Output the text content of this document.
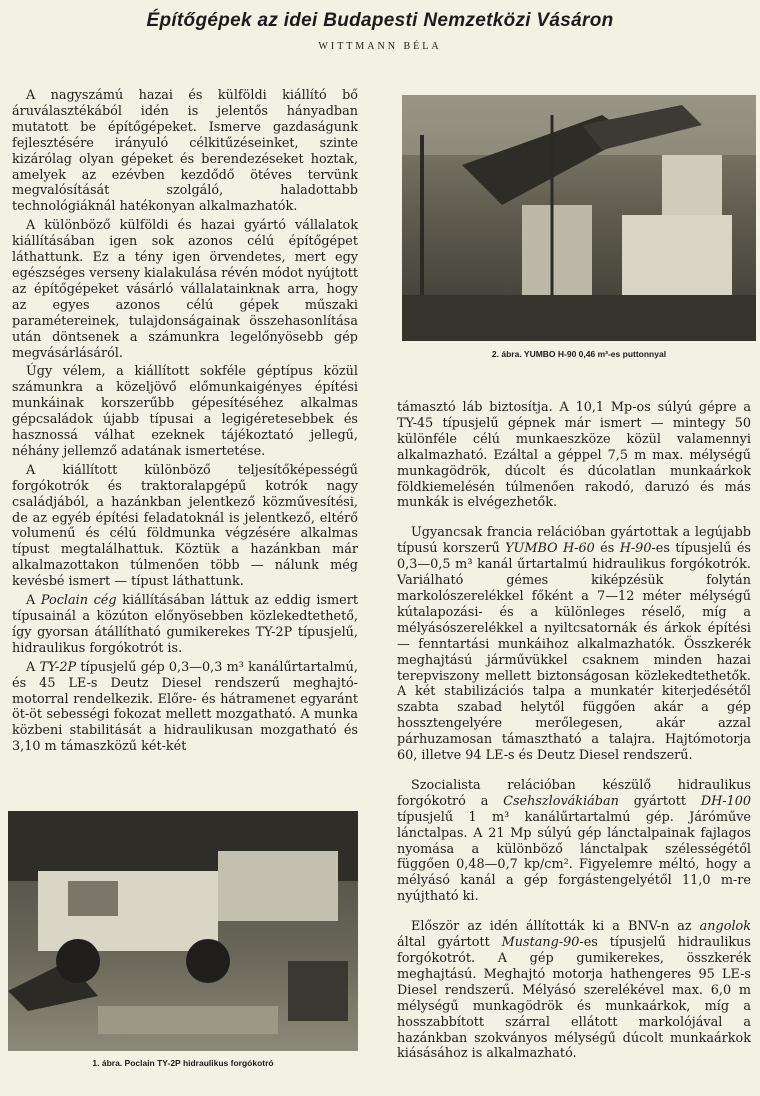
Építőgépek az idei Budapesti Nemzetközi Vásáron
WITTMANN BÉLA

A nagyszámú hazai és külföldi kiállító bő áruválasztékából idén is jelentős hányadban mutatott be építőgépeket. Ismerve gazdaságunk fejlesztésére irányuló célkitűzéseinket, szinte kizárólag olyan gépeket és berendezéseket hoztak, amelyek az ezévben kezdődő ötéves tervünk megvalósítását szolgáló, haladottabb technológiáknál hatékonyan alkalmazhatók.

A különböző külföldi és hazai gyártó vállalatok kiállításában igen sok azonos célú építőgépet láthattunk. Ez a tény igen örvendetes, mert egy egészséges verseny kialakulása révén módot nyújtott az építőgépeket vásárló vállalatainknak arra, hogy az egyes azonos célú gépek műszaki paramétereinek, tulajdonságainak összehasonlítása után döntsenek a számunkra legelőnyösebb gép megvásárlásáról.

Úgy vélem, a kiállított sokféle géptípus közül számunkra a közeljövő előmunkaigényes építési munkáinak korszerűbb gépesítéséhez alkalmas gépcsaládok újabb típusai a legigéretesebbek és hasznossá válhat ezeknek tájékoztató jellegű, néhány jellemző adatának ismertetése.

A kiállított különböző teljesítőképességű forgókotrók és traktoralapgépű kotrók nagy családjából, a hazánkban jelentkező közművesítési, de az egyéb építési feladatoknál is jelentkező, eltérő volumenű és célú földmunka végzésére alkalmas típust megtalálhattuk. Köztük a hazánkban már alkalmazottakon túlmenően több — nálunk még kevésbé ismert — típust láthattunk.

A Poclain cég kiállításában láttuk az eddig ismert típusainál a közúton előnyösebben közlekedtethető, így gyorsan átállítható gumikerekes TY-2P típusjelű, hidraulikus forgókotrót is.

A TY-2P típusjelű gép 0,3—0,3 m³ kanálűrtartalmú, és 45 LE-s Deutz Diesel rendszerű meghajtó-motorral rendelkezik. Előre- és hátramenet egyaránt öt-öt sebességi fokozat mellett mozgatható. A munka közbeni stabilitását a hidraulikusan mozgatható és 3,10 m támaszközű két-két

2. ábra. YUMBO H-90 0,46 m³-es puttonnyal

támasztó láb biztosítja. A 10,1 Mp-os súlyú gépre a TY-45 típusjelű gépnek már ismert — mintegy 50 különféle célú munkaeszköze közül valamennyi alkalmazható. Ezáltal a géppel 7,5 m max. mélységű munkagödrök, dúcolt és dúcolatlan munkaárkok földkiemelésén túlmenően rakodó, daruzó és más munkák is elvégezhetők.

Ugyancsak francia relációban gyártottak a legújabb típusú korszerű YUMBO H-60 és H-90-es típusjelű és 0,3—0,5 m³ kanál űrtartalmú hidraulikus forgókotrók. Variálható gémes kiképzésük folytán markolószerelékkel főként a 7—12 méter mélységű kútalapozási- és a különleges réselő, míg a mélyásószerelékkel a nyiltcsatornák és árkok építési — fenntartási munkáihoz alkalmazhatók. Összkerék meghajtású járművükkel csaknem minden hazai terepviszony mellett biztonságosan közlekedtethetők. A két stabilizációs talpa a munkatér kiterjedésétől szabta szabad helytől függően akár a gép hossztengelyére merőlegesen, akár azzal párhuzamosan támasztható a talajra. Hajtómotorja 60, illetve 94 LE-s és Deutz Diesel rendszerű.

Szocialista relációban készülő hidraulikus forgókotró a Csehszlovákiában gyártott DH-100 típusjelű 1 m³ kanálűrtartalmú gép. Járóműve lánctalpas. A 21 Mp súlyú gép lánctalpainak fajlagos nyomása a különböző lánctalpak szélességétől függően 0,48—0,7 kp/cm². Figyelemre méltó, hogy a mélyásó kanál a gép forgástengelyétől 11,0 m-re nyújtható ki.

Először az idén állították ki a BNV-n az angolok által gyártott Mustang-90-es típusjelű hidraulikus forgókotrót. A gép gumikerekes, összkerék meghajtású. Meghajtó motorja hathengeres 95 LE-s Diesel rendszerű. Mélyásó szerelékével max. 6,0 m mélységű munkagödrök és munkaárkok, míg a hosszabbított szárral ellátott markolójával a hazánkban szokványos mélységű dúcolt munkaárkok kiásásához is alkalmazható.

1. ábra. Poclain TY-2P hidraulikus forgókotró
